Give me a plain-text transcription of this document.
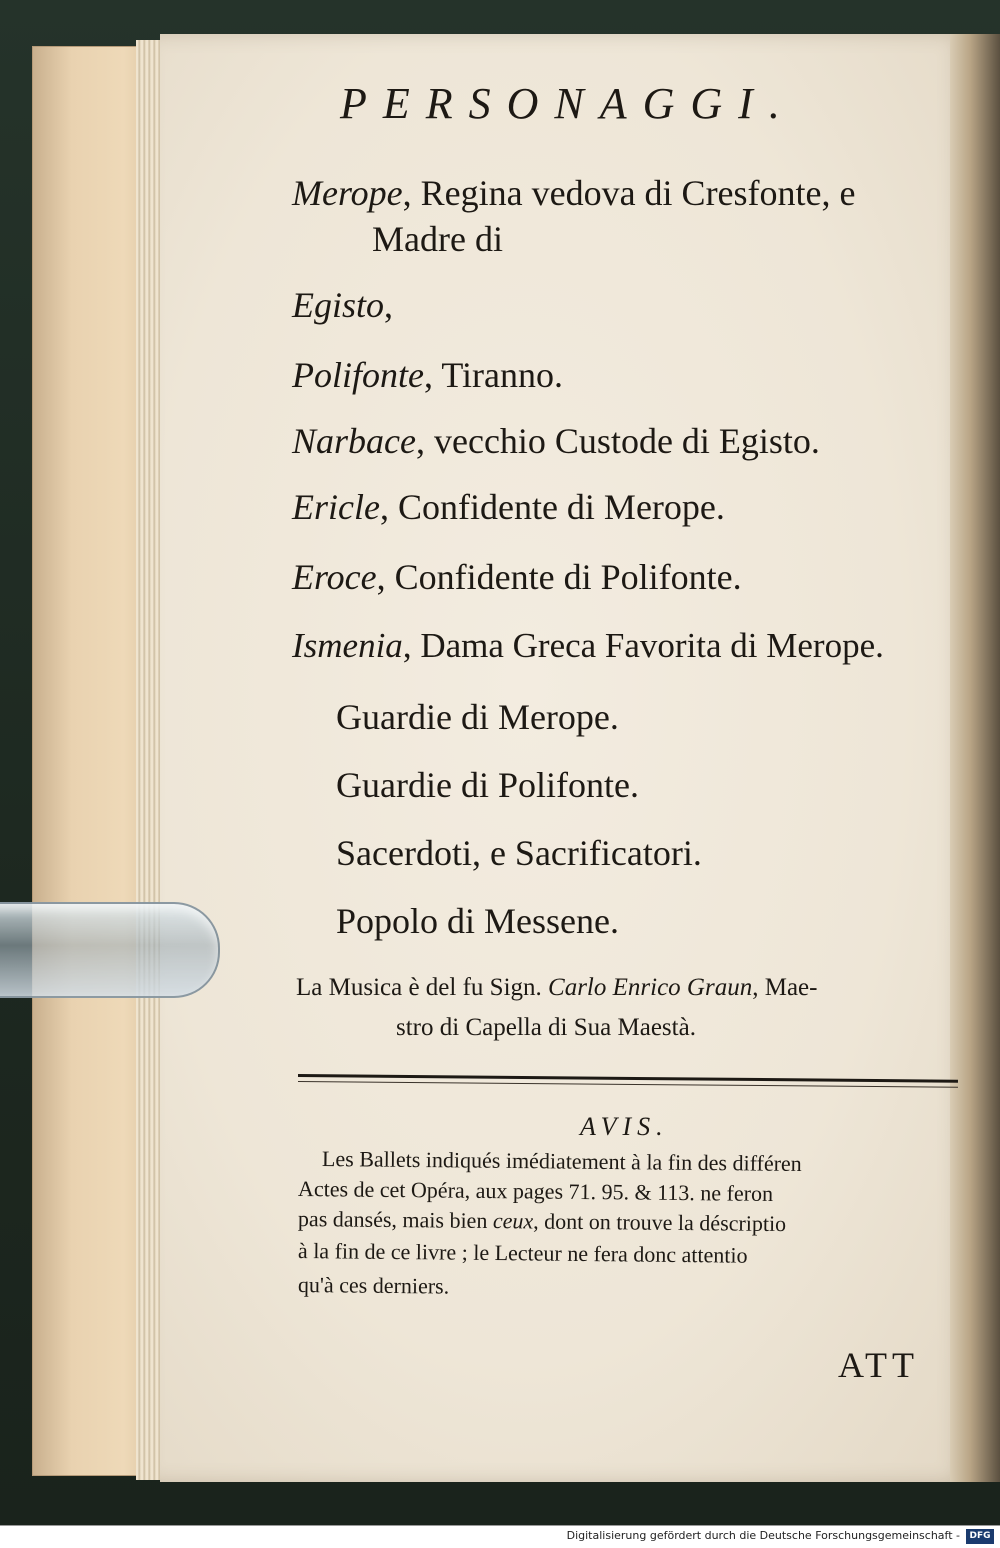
PERSONAGGI.
Merope, Regina vedova di Cresfonte, e
Madre di
Egisto,
Polifonte, Tiranno.
Narbace, vecchio Custode di Egisto.
Ericle, Confidente di Merope.
Eroce, Confidente di Polifonte.
Ismenia, Dama Greca Favorita di Merope.
Guardie di Merope.
Guardie di Polifonte.
Sacerdoti, e Sacrificatori.
Popolo di Messene.
La Musica è del fu Sign. Carlo Enrico Graun, Mae-
stro di Capella di Sua Maestà.
AVIS.
Les Ballets indiqués imédiatement à la fin des différen
Actes de cet Opéra, aux pages 71. 95. & 113. ne feron
pas dansés, mais bien ceux, dont on trouve la déscriptio
à la fin de ce livre ; le Lecteur ne fera donc attentio
qu'à ces derniers.
ATT
Digitalisierung gefördert durch die Deutsche Forschungsgemeinschaft -	DFG
